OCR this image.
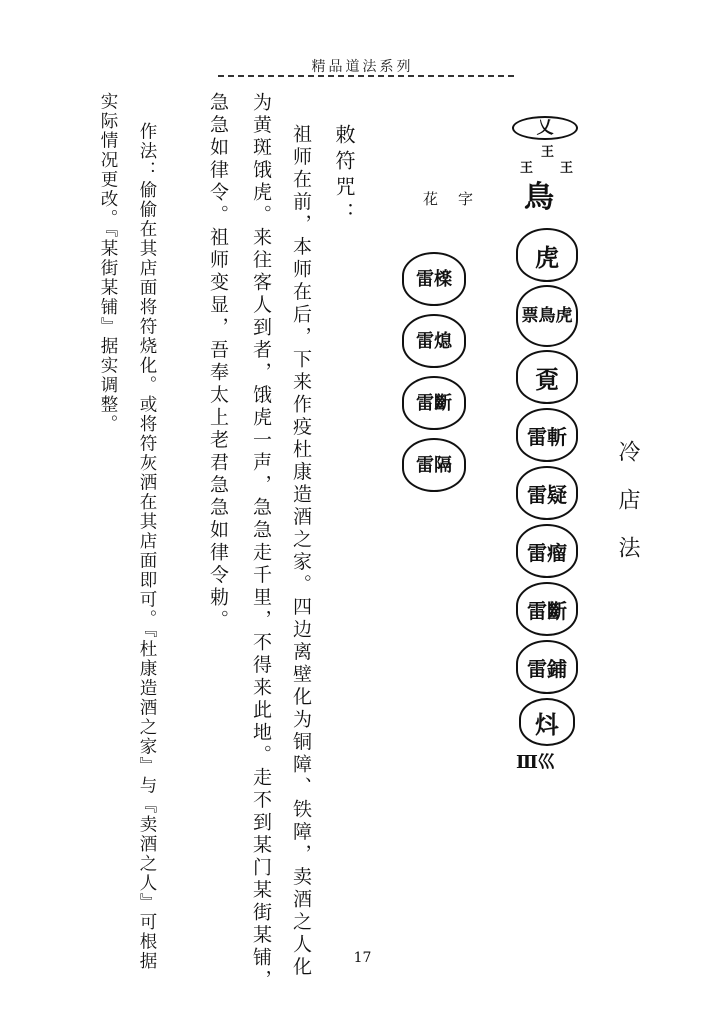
精品道法系列
冷店法
乂
王
王 王
鳥
虎
票鳥虎
覔
雷斬
雷疑
雷瘤
雷斷
雷鋪
炓
Ⅲ巛
花字
雷檪
雷熄
雷斷
雷隔
敕符咒：
祖师在前，本师在后，下来作疫杜康造酒之家。四边离壁化为铜障、铁障，卖酒之人化
为黄斑饿虎。来往客人到者，饿虎一声，急急走千里，不得来此地。走不到某门某街某铺，
急急如律令。祖师变显，吾奉太上老君急急如律令勅。
作法：偷偷在其店面将符烧化。或将符灰洒在其店面即可。『杜康造酒之家』与『卖酒之人』可根据
实际情况更改。『某街某铺』据实调整。
17
